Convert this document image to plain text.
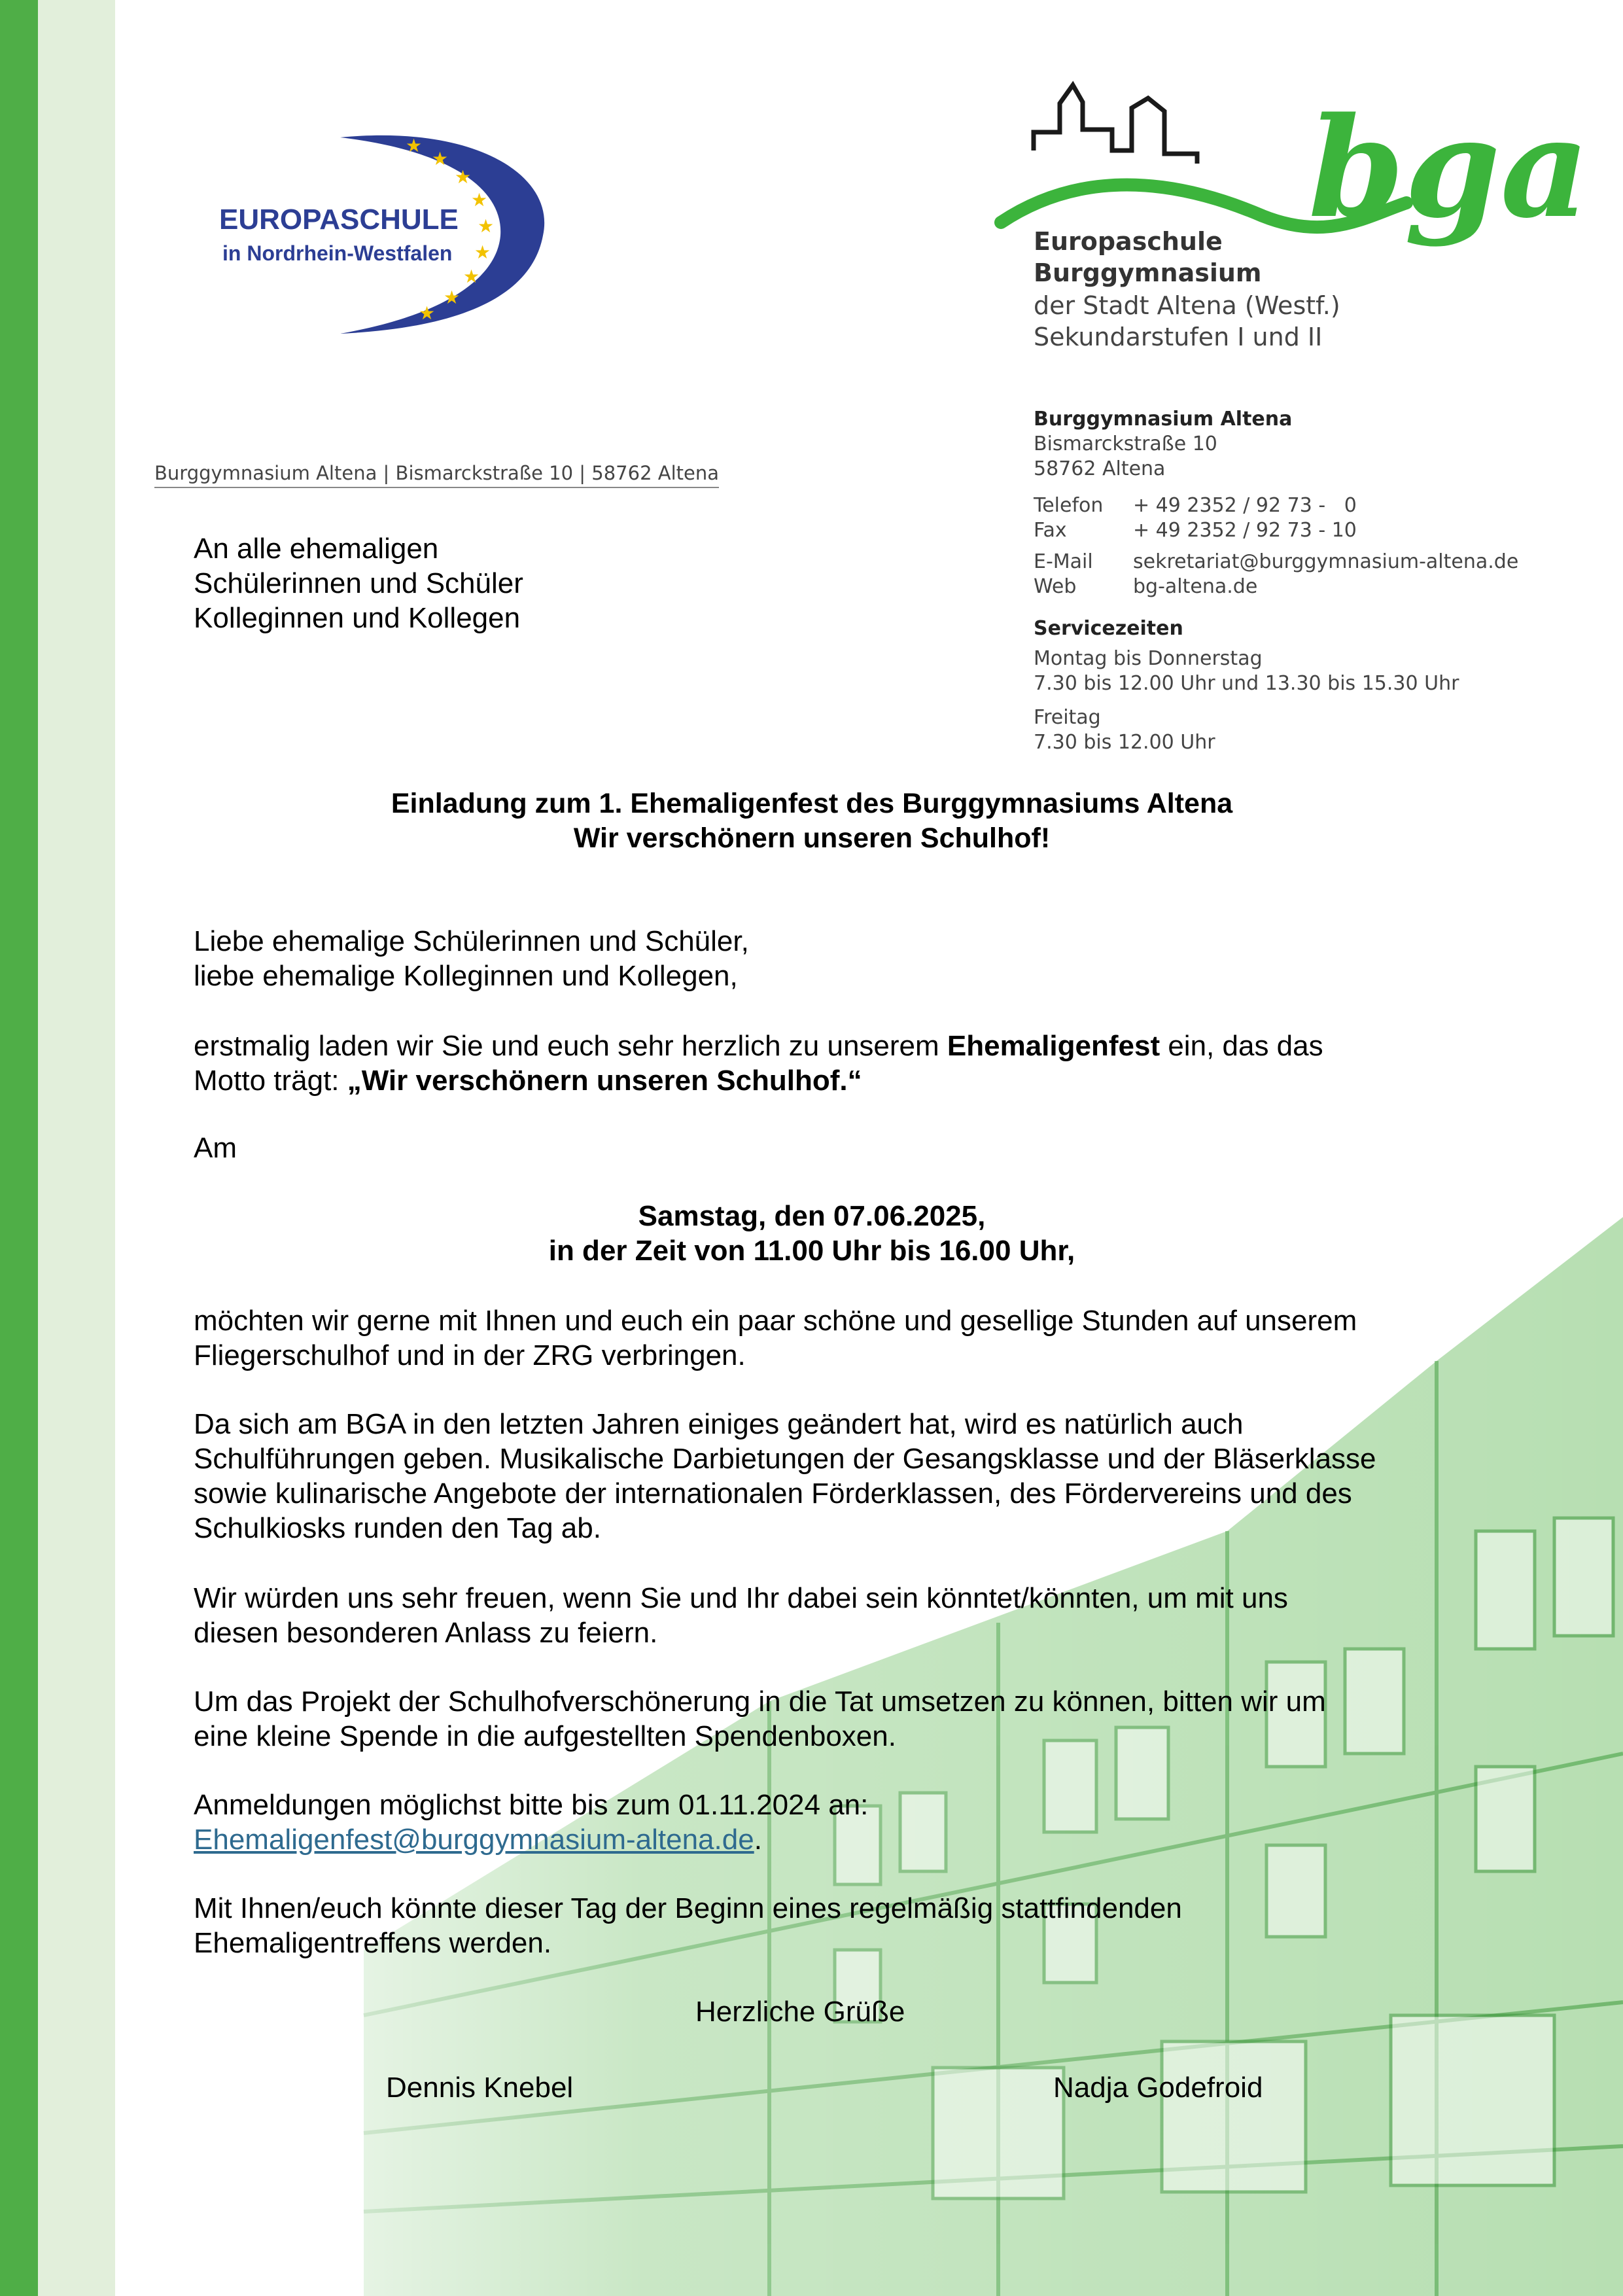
★
★
★
★
★
★
★
★
★
EUROPASCHULE
in Nordrhein-Westfalen
bga
Europaschule
Burggymnasium
der Stadt Altena (Westf.)
Sekundarstufen I und II
Burggymnasium Altena
Bismarckstraße 10
58762 Altena
Telefon + 49 2352 / 92 73 -   0
Fax	+ 49 2352 / 92 73 - 10
E-Mail sekretariat@burggymnasium-altena.de
Web	bg-altena.de
Servicezeiten
Montag bis Donnerstag
7.30 bis 12.00 Uhr und 13.30 bis 15.30 Uhr
Freitag
7.30 bis 12.00 Uhr
Burggymnasium Altena | Bismarckstraße 10 | 58762 Altena
An alle ehemaligen
Schülerinnen und Schüler
Kolleginnen und Kollegen
Einladung zum 1. Ehemaligenfest des Burggymnasiums Altena
Wir verschönern unseren Schulhof!
Liebe ehemalige Schülerinnen und Schüler,
liebe ehemalige Kolleginnen und Kollegen,
erstmalig laden wir Sie und euch sehr herzlich zu unserem Ehemaligenfest ein, das das
Motto trägt: „Wir verschönern unseren Schulhof.“
Am
Samstag, den 07.06.2025,
in der Zeit von 11.00 Uhr bis 16.00 Uhr,
möchten wir gerne mit Ihnen und euch ein paar schöne und gesellige Stunden auf unserem
Fliegerschulhof und in der ZRG verbringen.
Da sich am BGA in den letzten Jahren einiges geändert hat, wird es natürlich auch
Schulführungen geben. Musikalische Darbietungen der Gesangsklasse und der Bläserklasse
sowie kulinarische Angebote der internationalen Förderklassen, des Fördervereins und des
Schulkiosks runden den Tag ab.
Wir würden uns sehr freuen, wenn Sie und Ihr dabei sein könntet/könnten, um mit uns
diesen besonderen Anlass zu feiern.
Um das Projekt der Schulhofverschönerung in die Tat umsetzen zu können, bitten wir um
eine kleine Spende in die aufgestellten Spendenboxen.
Anmeldungen möglichst bitte bis zum 01.11.2024 an:
Ehemaligenfest@burggymnasium-altena.de.
Mit Ihnen/euch könnte dieser Tag der Beginn eines regelmäßig stattfindenden
Ehemaligentreffens werden.
Herzliche Grüße
Dennis Knebel	Nadja Godefroid
